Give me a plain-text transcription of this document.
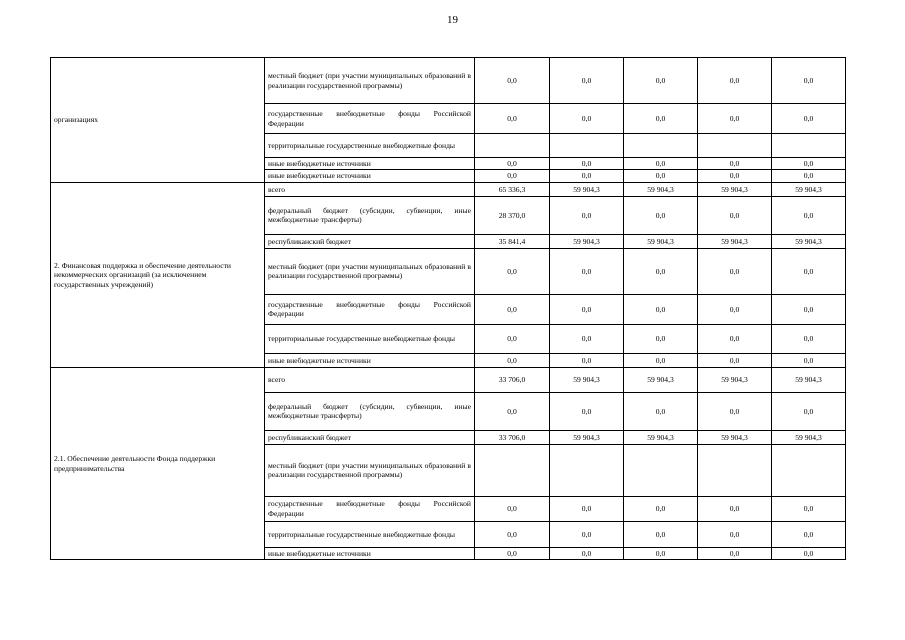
19
организациях	местный бюджет (при участии муниципальных образований в реализации государственной программы)	0,0	0,0	0,0	0,0	0,0
	государственные внебюджетные фонды Российской Федерации	0,0	0,0	0,0	0,0	0,0
	территориальные государственные внебюджетные фонды					
	иные внебюджетные источники	0,0	0,0	0,0	0,0	0,0
	иные внебюджетные источники	0,0	0,0	0,0	0,0	0,0
2. Финансовая поддержка и обеспечение деятельности некоммерческих организаций (за исключением государственных учреждений)	всего	65 336,3	59 904,3	59 904,3	59 904,3	59 904,3
	федеральный бюджет (субсидии, субвенции, иные межбюджетные трансферты)	28 370,0	0,0	0,0	0,0	0,0
	республиканский бюджет	35 841,4	59 904,3	59 904,3	59 904,3	59 904,3
	местный бюджет (при участии муниципальных образований в реализации государственной программы)	0,0	0,0	0,0	0,0	0,0
	государственные внебюджетные фонды Российской Федерации	0,0	0,0	0,0	0,0	0,0
	территориальные государственные внебюджетные фонды	0,0	0,0	0,0	0,0	0,0
	иные внебюджетные источники	0,0	0,0	0,0	0,0	0,0
2.1. Обеспечение деятельности Фонда поддержки предпринимательства	всего	33 706,0	59 904,3	59 904,3	59 904,3	59 904,3
	федеральный бюджет (субсидии, субвенции, иные межбюджетные трансферты)	0,0	0,0	0,0	0,0	0,0
	республиканский бюджет	33 706,0	59 904,3	59 904,3	59 904,3	59 904,3
	местный бюджет (при участии муниципальных образований в реализации государственной программы)					
	государственные внебюджетные фонды Российской Федерации	0,0	0,0	0,0	0,0	0,0
	территориальные государственные внебюджетные фонды	0,0	0,0	0,0	0,0	0,0
	иные внебюджетные источники	0,0	0,0	0,0	0,0	0,0
